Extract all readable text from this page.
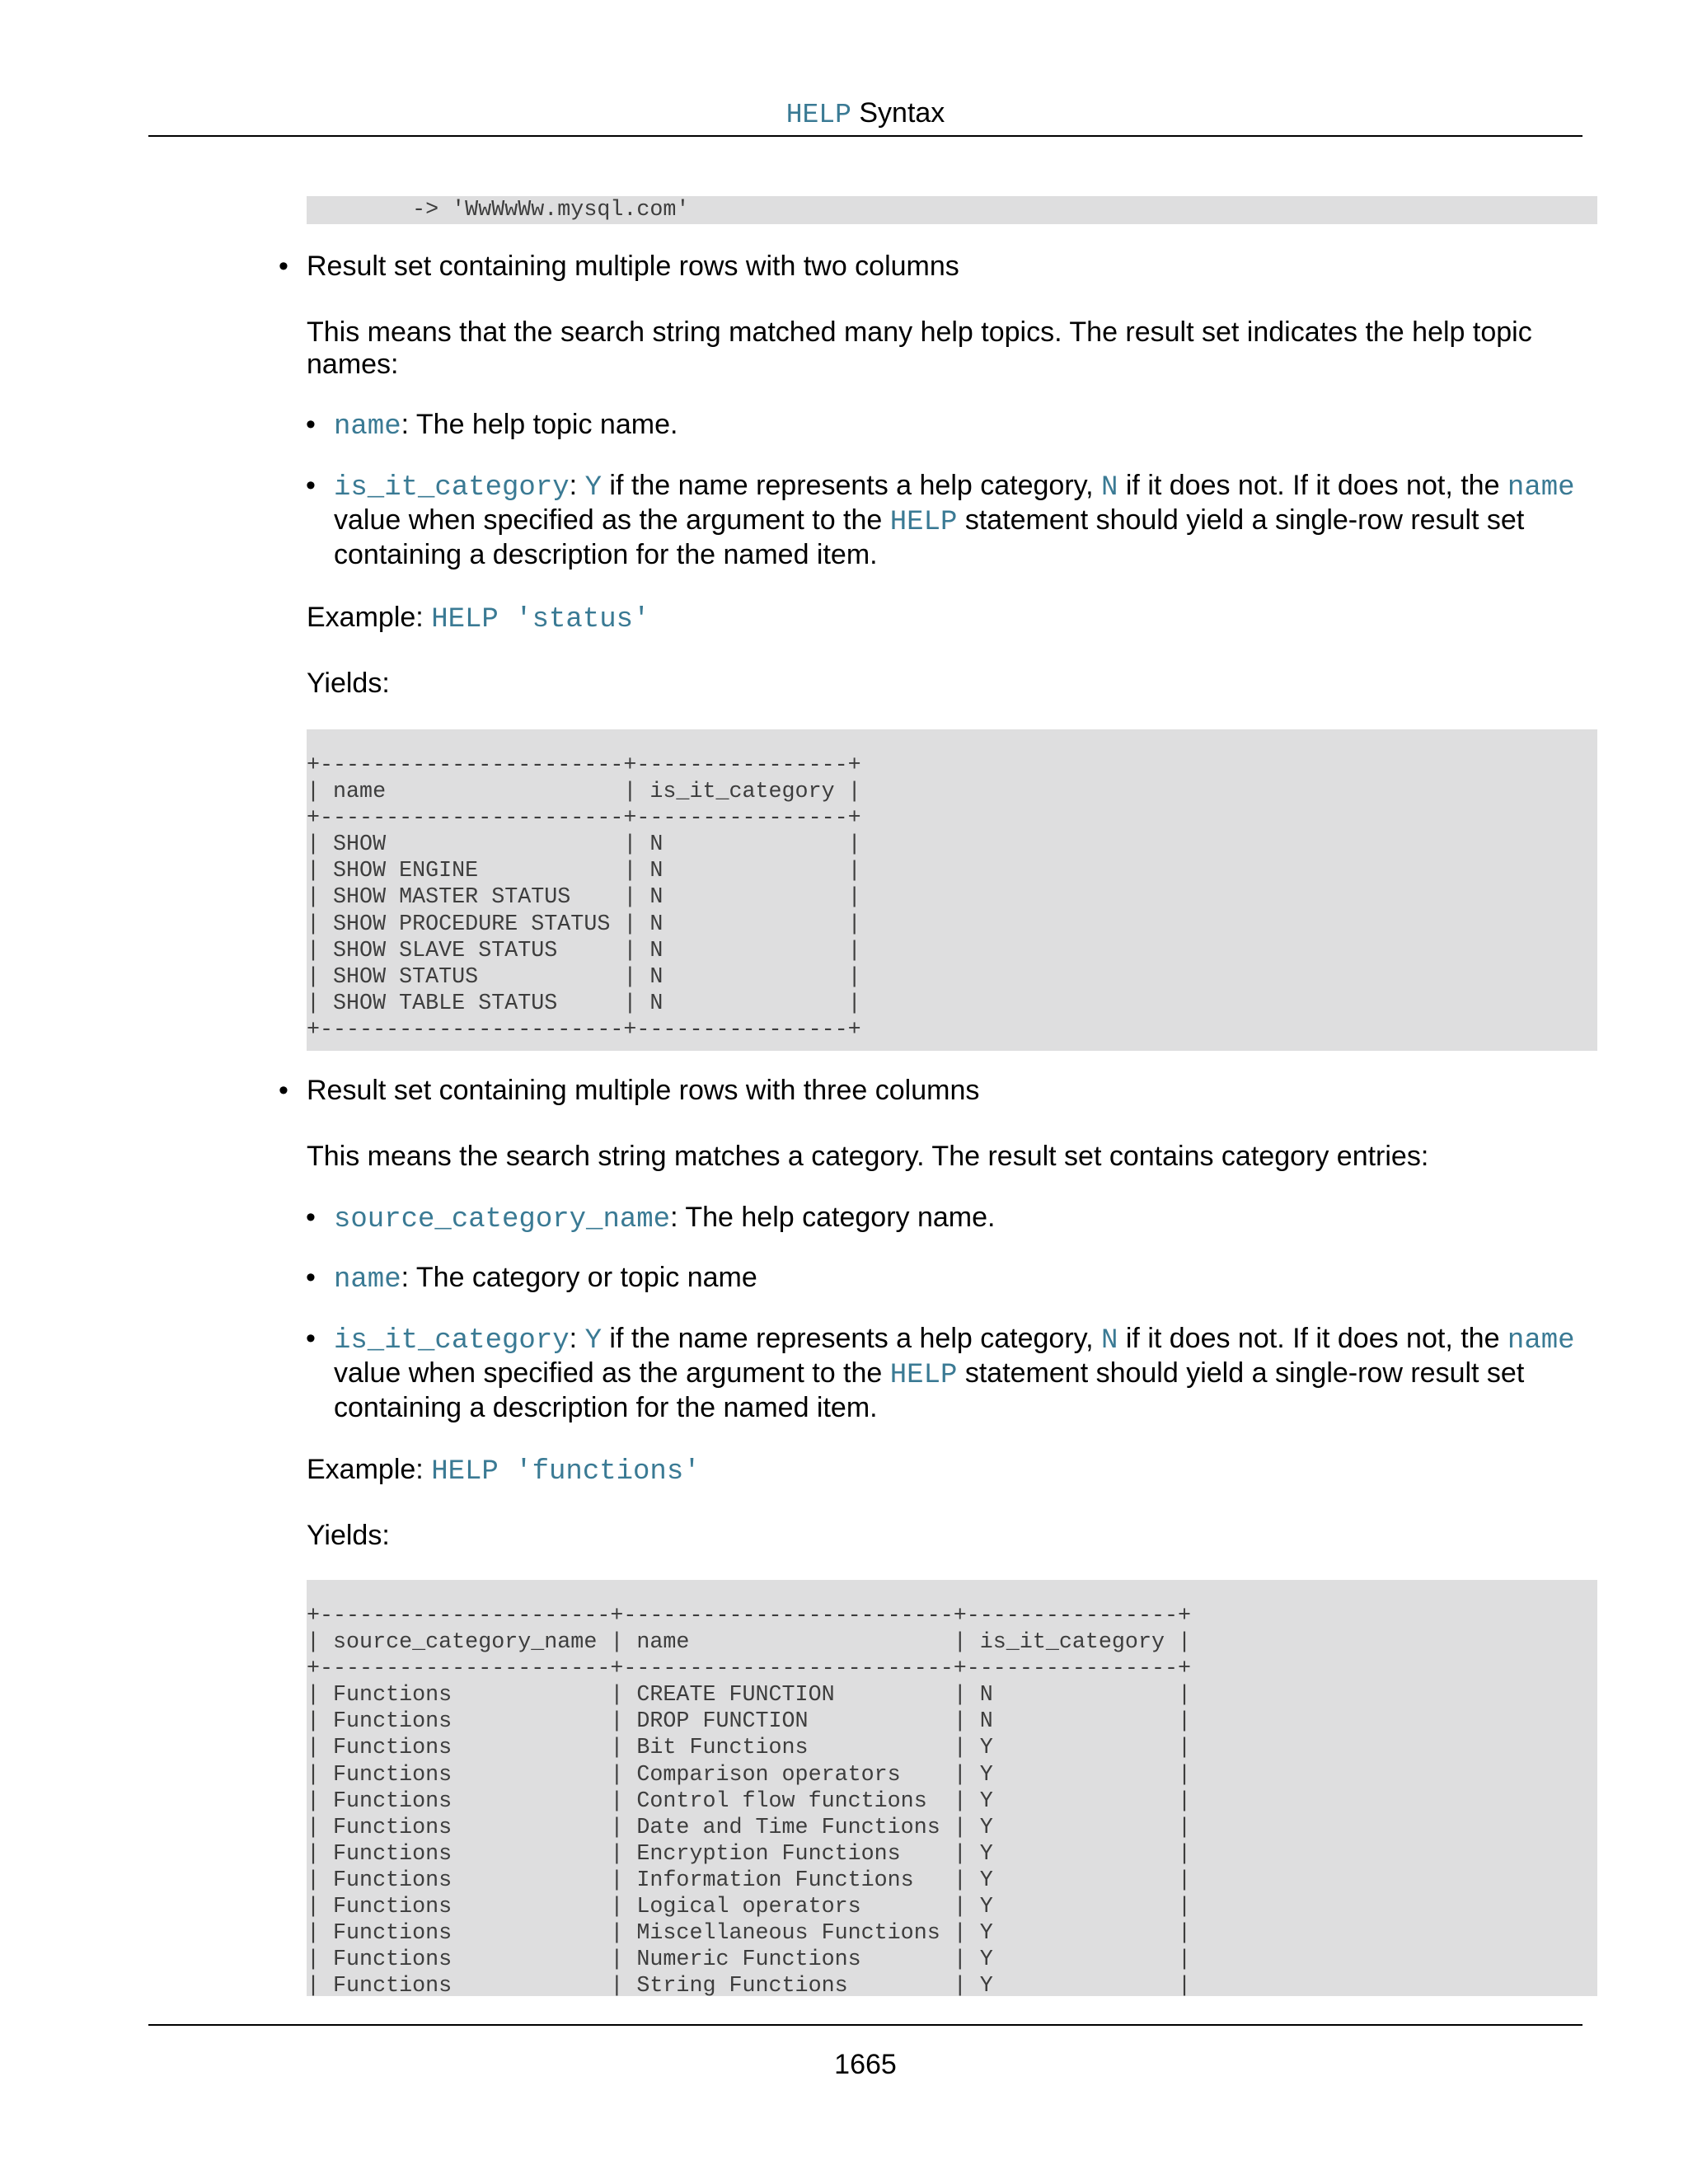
HELP Syntax
-> 'WwWwWw.mysql.com'
• Result set containing multiple rows with two columns

This means that the search string matched many help topics. The result set indicates the help topic names:

• name: The help topic name.

• is_it_category: Y if the name represents a help category, N if it does not. If it does not, the name value when specified as the argument to the HELP statement should yield a single-row result set containing a description for the named item.

Example: HELP 'status'

Yields:

+-----------------------+----------------+
| name                  | is_it_category |
+-----------------------+----------------+
| SHOW                  | N              |
| SHOW ENGINE           | N              |
| SHOW MASTER STATUS    | N              |
| SHOW PROCEDURE STATUS | N              |
| SHOW SLAVE STATUS     | N              |
| SHOW STATUS           | N              |
| SHOW TABLE STATUS     | N              |
+-----------------------+----------------+
• Result set containing multiple rows with three columns

This means the search string matches a category. The result set contains category entries:

• source_category_name: The help category name.

• name: The category or topic name

• is_it_category: Y if the name represents a help category, N if it does not. If it does not, the name value when specified as the argument to the HELP statement should yield a single-row result set containing a description for the named item.

Example: HELP 'functions'

Yields:

+----------------------+-------------------------+----------------+
| source_category_name | name                    | is_it_category |
+----------------------+-------------------------+----------------+
| Functions            | CREATE FUNCTION         | N              |
| Functions            | DROP FUNCTION           | N              |
| Functions            | Bit Functions           | Y              |
| Functions            | Comparison operators    | Y              |
| Functions            | Control flow functions  | Y              |
| Functions            | Date and Time Functions | Y              |
| Functions            | Encryption Functions    | Y              |
| Functions            | Information Functions   | Y              |
| Functions            | Logical operators       | Y              |
| Functions            | Miscellaneous Functions | Y              |
| Functions            | Numeric Functions       | Y              |
| Functions            | String Functions        | Y              |
1665
